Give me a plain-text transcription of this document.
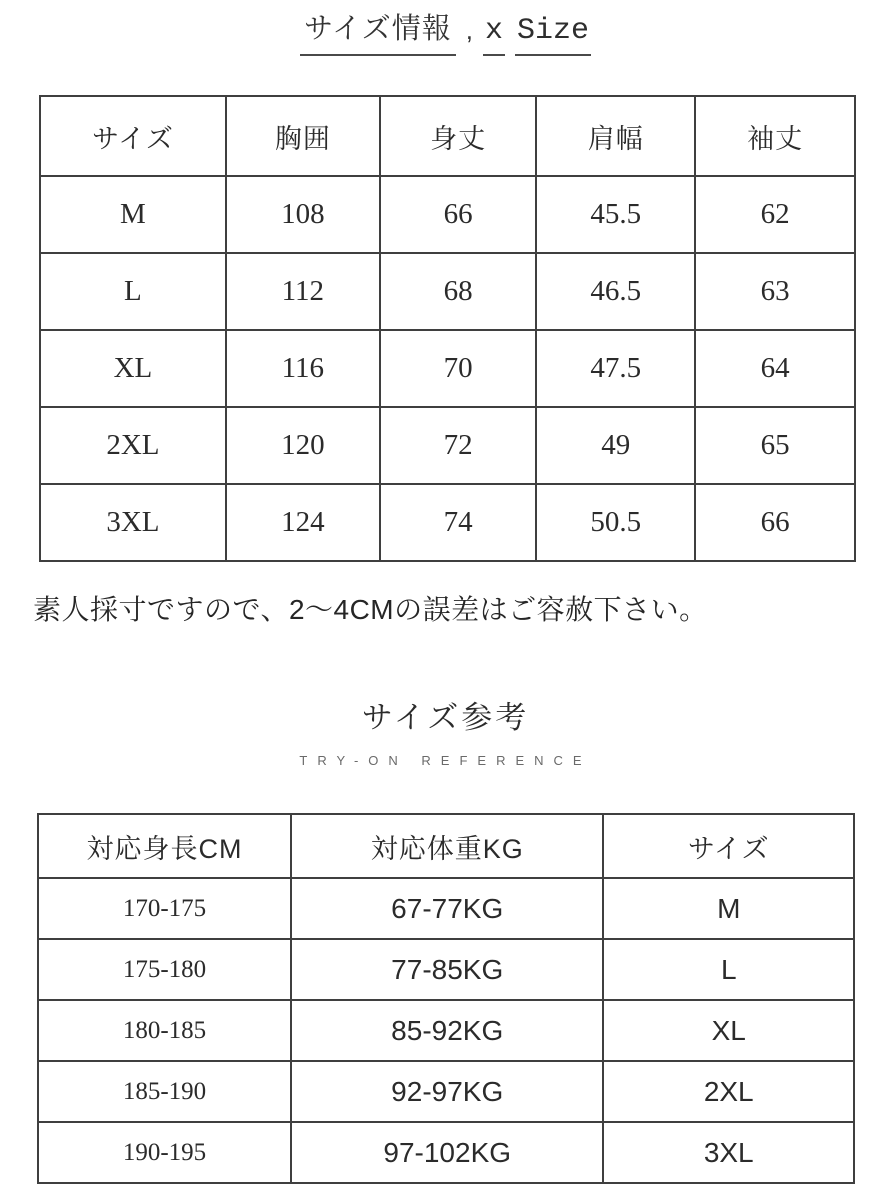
サイズ情報 , x Size
サイズ	胸囲	身丈	肩幅	袖丈
M	108	66	45.5	62
L	112	68	46.5	63
XL	116	70	47.5	64
2XL	120	72	49	65
3XL	124	74	50.5	66
素人採寸ですので、2〜4CMの誤差はご容赦下さい。
サイズ参考
TRY-ON REFERENCE
対応身長CM	対応体重KG	サイズ
170-175	67-77KG	M
175-180	77-85KG	L
180-185	85-92KG	XL
185-190	92-97KG	2XL
190-195	97-102KG	3XL
